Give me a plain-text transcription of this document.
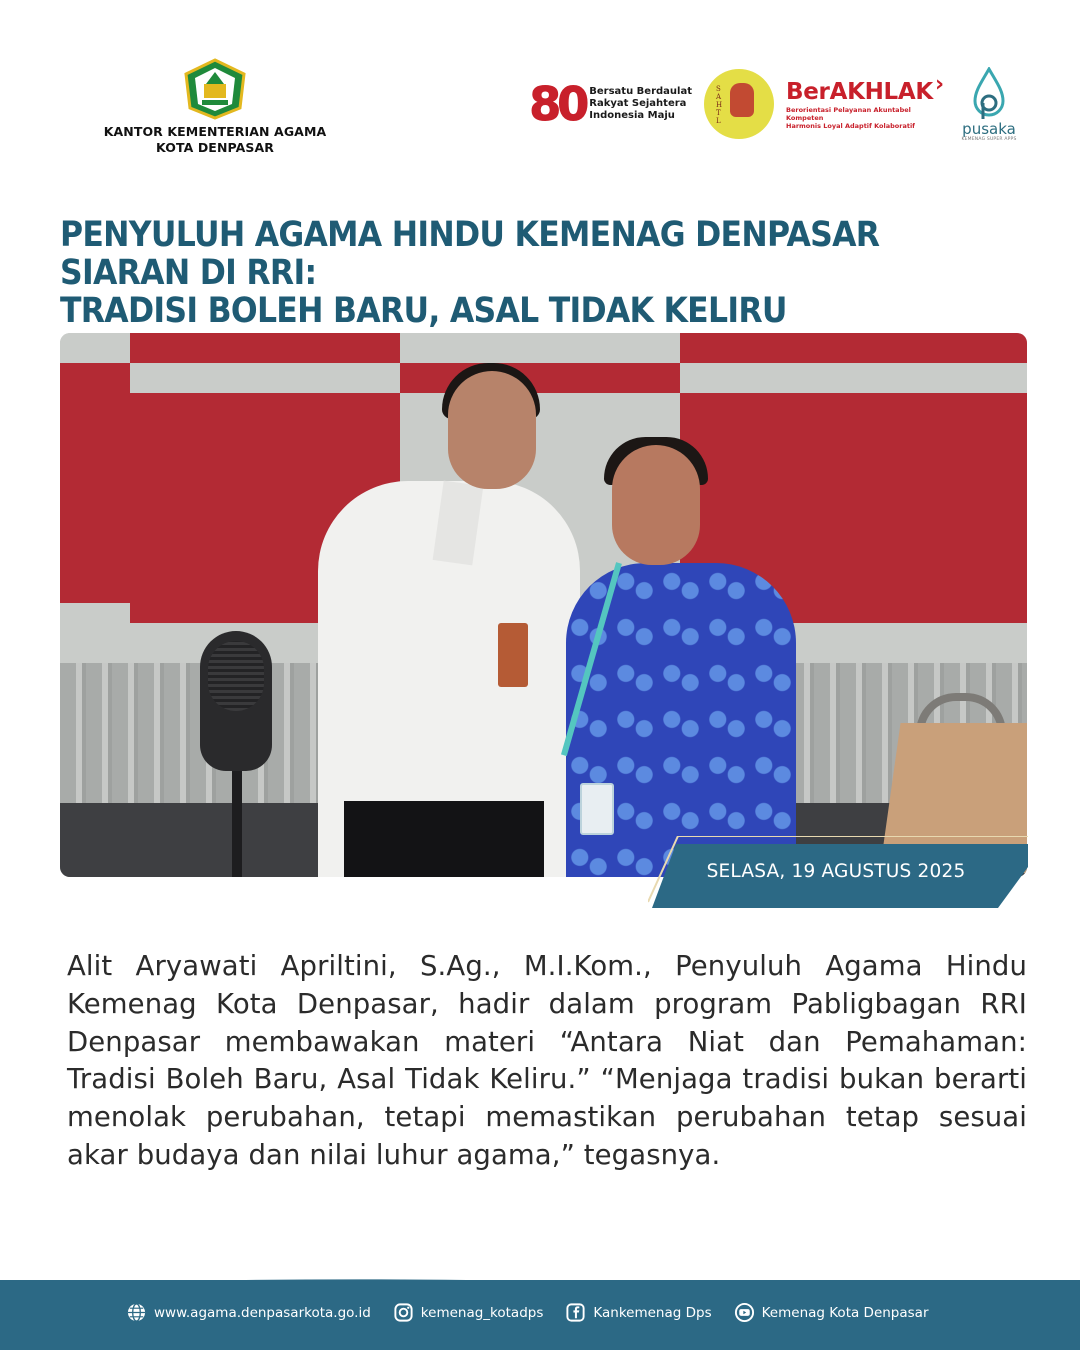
KANTOR KEMENTERIAN AGAMA
KOTA DENPASAR
80 Bersatu Berdaulat
Rakyat Sejahtera
Indonesia Maju
S
A
H
T
L
BerAKHLAK›
Berorientasi Pelayanan Akuntabel Kompeten
Harmonis Loyal Adaptif Kolaboratif	pusaka
KEMENAG SUPER APPS
PENYULUH AGAMA HINDU KEMENAG DENPASAR SIARAN DI RRI:
TRADISI BOLEH BARU, ASAL TIDAK KELIRU
SELASA, 19 AGUSTUS 2025

Alit Aryawati Apriltini, S.Ag., M.I.Kom., Penyuluh Agama Hindu Kemenag Kota Denpasar, hadir dalam program Pabligbagan RRI Denpasar membawakan materi “Antara Niat dan Pemahaman: Tradisi Boleh Baru, Asal Tidak Keliru.” “Menjaga tradisi bukan berarti menolak perubahan, tetapi memastikan perubahan tetap sesuai akar budaya dan nilai luhur agama,” tegasnya.

www.agama.denpasarkota.go.id	kemenag_kotadps	Kankemenag Dps	Kemenag Kota Denpasar
